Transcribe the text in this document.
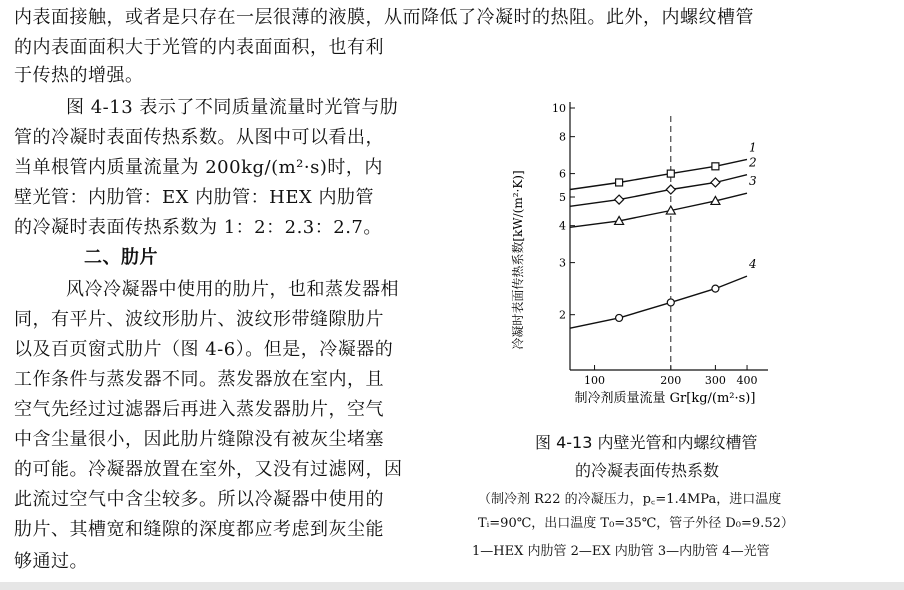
内表面接触，或者是只存在一层很薄的液膜，从而降低了冷凝时的热阻。此外，内螺纹槽管
的内表面面积大于光管的内表面面积，也有利
于传热的增强。
图 4-13 表示了不同质量流量时光管与肋
管的冷凝时表面传热系数。从图中可以看出，
当单根管内质量流量为 200kg/(m²·s)时，内
壁光管：内肋管：EX 内肋管：HEX 内肋管
的冷凝时表面传热系数为 1：2：2.3：2.7。
二、肋片
风冷冷凝器中使用的肋片，也和蒸发器相
同，有平片、波纹形肋片、波纹形带缝隙肋片
以及百页窗式肋片（图 4-6）。但是，冷凝器的
工作条件与蒸发器不同。蒸发器放在室内，且
空气先经过过滤器后再进入蒸发器肋片，空气
中含尘量很小，因此肋片缝隙没有被灰尘堵塞
的可能。冷凝器放置在室外，又没有过滤网，因
此流过空气中含尘较多。所以冷凝器中使用的
肋片、其槽宽和缝隙的深度都应考虑到灰尘能
够通过。
10
8
6
5
4
3
2
100	200 300 400
1
2
3
4
冷凝时表面传热系数[kW/(m²·K)]
制冷剂质量流量 Gr[kg/(m²·s)]
图 4-13 内壁光管和内螺纹槽管
的冷凝表面传热系数
（制冷剂 R22 的冷凝压力，p꜀=1.4MPa，进口温度
Tᵢ=90℃，出口温度 T₀=35℃，管子外径 D₀=9.52）
1—HEX 内肋管 2—EX 内肋管 3—内肋管 4—光管
